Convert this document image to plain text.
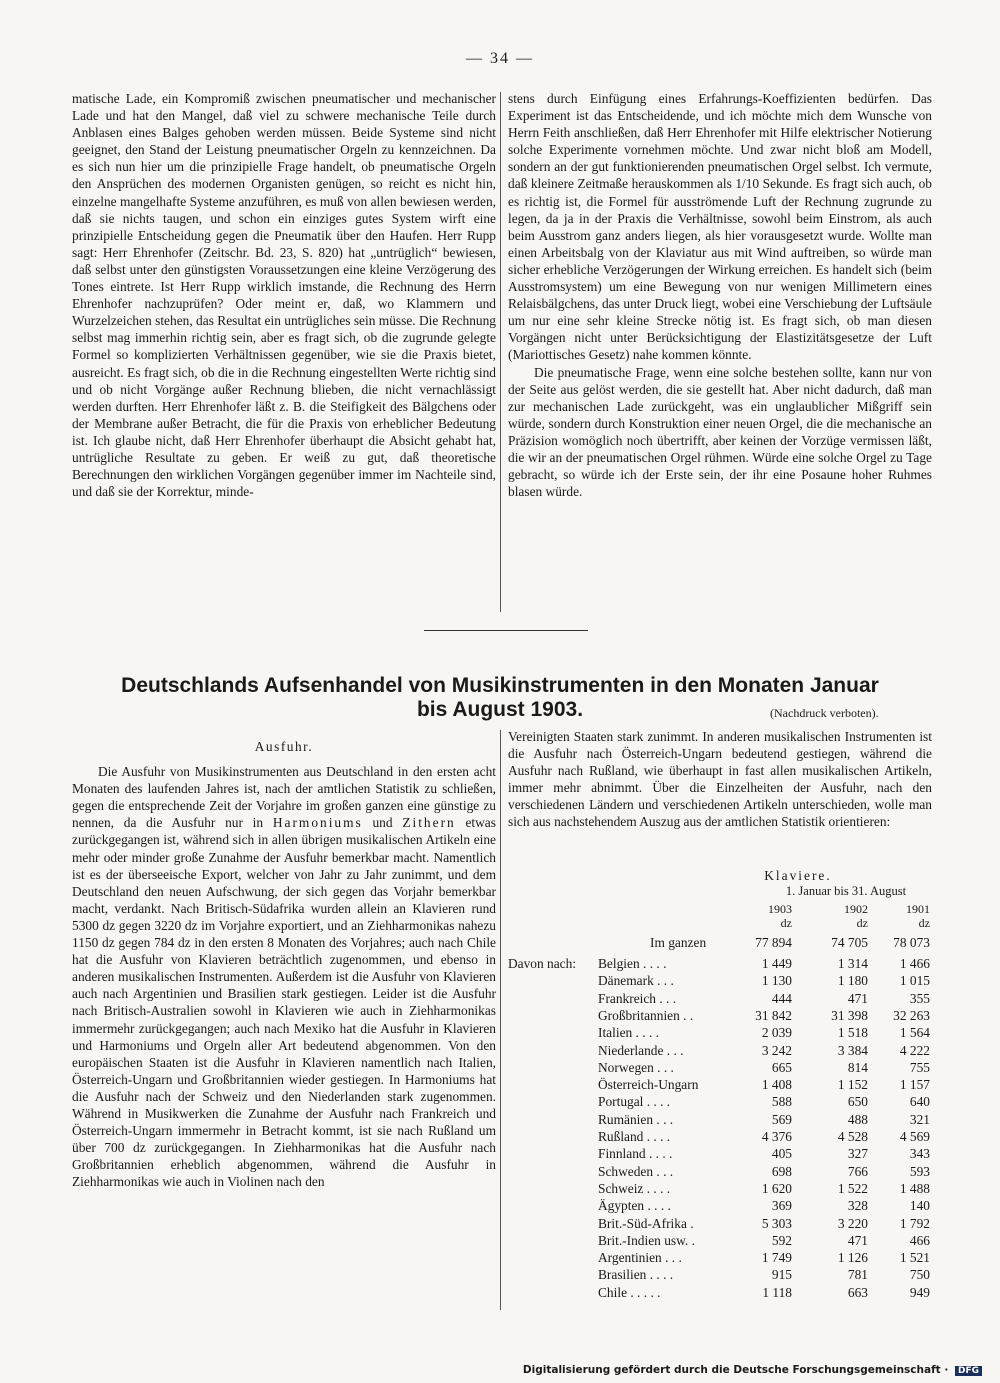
— 34 —

matische Lade, ein Kompromiß zwischen pneumatischer und mechanischer Lade und hat den Mangel, daß viel zu schwere mechanische Teile durch Anblasen eines Balges gehoben werden müssen. Beide Systeme sind nicht geeignet, den Stand der Leistung pneumatischer Orgeln zu kennzeichnen. Da es sich nun hier um die prinzipielle Frage handelt, ob pneumatische Orgeln den Ansprüchen des modernen Organisten genügen, so reicht es nicht hin, einzelne mangelhafte Systeme anzuführen, es muß von allen bewiesen werden, daß sie nichts taugen, und schon ein einziges gutes System wirft eine prinzipielle Entscheidung gegen die Pneumatik über den Haufen. Herr Rupp sagt: Herr Ehrenhofer (Zeitschr. Bd. 23, S. 820) hat „untrüglich“ bewiesen, daß selbst unter den günstigsten Voraussetzungen eine kleine Verzögerung des Tones eintrete. Ist Herr Rupp wirklich imstande, die Rechnung des Herrn Ehrenhofer nachzuprüfen? Oder meint er, daß, wo Klammern und Wurzelzeichen stehen, das Resultat ein untrügliches sein müsse. Die Rechnung selbst mag immerhin richtig sein, aber es fragt sich, ob die zugrunde gelegte Formel so komplizierten Verhältnissen gegenüber, wie sie die Praxis bietet, ausreicht. Es fragt sich, ob die in die Rechnung eingestellten Werte richtig sind und ob nicht Vorgänge außer Rechnung blieben, die nicht vernachlässigt werden durften. Herr Ehrenhofer läßt z. B. die Steifigkeit des Bälgchens oder der Membrane außer Betracht, die für die Praxis von erheblicher Bedeutung ist. Ich glaube nicht, daß Herr Ehrenhofer überhaupt die Absicht gehabt hat, untrügliche Resultate zu geben. Er weiß zu gut, daß theoretische Berechnungen den wirklichen Vorgängen gegenüber immer im Nachteile sind, und daß sie der Korrektur, minde-

stens durch Einfügung eines Erfahrungs-Koeffizienten bedürfen. Das Experiment ist das Entscheidende, und ich möchte mich dem Wunsche von Herrn Feith anschließen, daß Herr Ehrenhofer mit Hilfe elektrischer Notierung solche Experimente vornehmen möchte. Und zwar nicht bloß am Modell, sondern an der gut funktionierenden pneumatischen Orgel selbst. Ich vermute, daß kleinere Zeitmaße herauskommen als 1/10 Sekunde. Es fragt sich auch, ob es richtig ist, die Formel für ausströmende Luft der Rechnung zugrunde zu legen, da ja in der Praxis die Verhältnisse, sowohl beim Einstrom, als auch beim Ausstrom ganz anders liegen, als hier vorausgesetzt wurde. Wollte man einen Arbeitsbalg von der Klaviatur aus mit Wind auftreiben, so würde man sicher erhebliche Verzögerungen der Wirkung erreichen. Es handelt sich (beim Ausstromsystem) um eine Bewegung von nur wenigen Millimetern eines Relaisbälgchens, das unter Druck liegt, wobei eine Verschiebung der Luftsäule um nur eine sehr kleine Strecke nötig ist. Es fragt sich, ob man diesen Vorgängen nicht unter Berücksichtigung der Elastizitätsgesetze der Luft (Mariottisches Gesetz) nahe kommen könnte.

Die pneumatische Frage, wenn eine solche bestehen sollte, kann nur von der Seite aus gelöst werden, die sie gestellt hat. Aber nicht dadurch, daß man zur mechanischen Lade zurückgeht, was ein unglaublicher Mißgriff sein würde, sondern durch Konstruktion einer neuen Orgel, die die mechanische an Präzision womöglich noch übertrifft, aber keinen der Vorzüge vermissen läßt, die wir an der pneumatischen Orgel rühmen. Würde eine solche Orgel zu Tage gebracht, so würde ich der Erste sein, der ihr eine Posaune hoher Ruhmes blasen würde.

Deutschlands Aufsenhandel von Musikinstrumenten in den Monaten Januar
bis August 1903.	(Nachdruck verboten).

Ausfuhr.

Die Ausfuhr von Musikinstrumenten aus Deutschland in den ersten acht Monaten des laufenden Jahres ist, nach der amtlichen Statistik zu schließen, gegen die entsprechende Zeit der Vorjahre im großen ganzen eine günstige zu nennen, da die Ausfuhr nur in Harmoniums und Zithern etwas zurückgegangen ist, während sich in allen übrigen musikalischen Artikeln eine mehr oder minder große Zunahme der Ausfuhr bemerkbar macht. Namentlich ist es der überseeische Export, welcher von Jahr zu Jahr zunimmt, und dem Deutschland den neuen Aufschwung, der sich gegen das Vorjahr bemerkbar macht, verdankt. Nach Britisch-Südafrika wurden allein an Klavieren rund 5300 dz gegen 3220 dz im Vorjahre exportiert, und an Ziehharmonikas nahezu 1150 dz gegen 784 dz in den ersten 8 Monaten des Vorjahres; auch nach Chile hat die Ausfuhr von Klavieren beträchtlich zugenommen, und ebenso in anderen musikalischen Instrumenten. Außerdem ist die Ausfuhr von Klavieren auch nach Argentinien und Brasilien stark gestiegen. Leider ist die Ausfuhr nach Britisch-Australien sowohl in Klavieren wie auch in Ziehharmonikas immermehr zurückgegangen; auch nach Mexiko hat die Ausfuhr in Klavieren und Harmoniums und Orgeln aller Art bedeutend abgenommen. Von den europäischen Staaten ist die Ausfuhr in Klavieren namentlich nach Italien, Österreich-Ungarn und Großbritannien wieder gestiegen. In Harmoniums hat die Ausfuhr nach der Schweiz und den Niederlanden stark zugenommen. Während in Musikwerken die Zunahme der Ausfuhr nach Frankreich und Österreich-Ungarn immermehr in Betracht kommt, ist sie nach Rußland um über 700 dz zurückgegangen. In Ziehharmonikas hat die Ausfuhr nach Großbritannien erheblich abgenommen, während die Ausfuhr in Ziehharmonikas wie auch in Violinen nach den

Vereinigten Staaten stark zunimmt. In anderen musikalischen Instrumenten ist die Ausfuhr nach Österreich-Ungarn bedeutend gestiegen, während die Ausfuhr nach Rußland, wie überhaupt in fast allen musikalischen Artikeln, immer mehr abnimmt. Über die Einzelheiten der Ausfuhr, nach den verschiedenen Ländern und verschiedenen Artikeln unterschieden, wolle man sich aus nachstehendem Auszug aus der amtlichen Statistik orientieren:

Klaviere.
1. Januar bis 31. August
1903
dz
1902
dz
1901
dz
Im ganzen	77 894	74 705	78 073
Davon nach: Belgien . . . .	1 449	1 314	1 466
Dänemark . . .	1 130	1 180	1 015
Frankreich . . .	444	471	355
Großbritannien . .	31 842	31 398	32 263
Italien . . . .	2 039	1 518	1 564
Niederlande . . .	3 242	3 384	4 222
Norwegen . . .	665	814	755
Österreich-Ungarn	1 408	1 152	1 157
Portugal . . . .	588	650	640
Rumänien . . .	569	488	321
Rußland . . . .	4 376	4 528	4 569
Finnland . . . .	405	327	343
Schweden . . .	698	766	593
Schweiz . . . .	1 620	1 522	1 488
Ägypten . . . .	369	328	140
Brit.-Süd-Afrika .	5 303	3 220	1 792
Brit.-Indien usw. .	592	471	466
Argentinien . . .	1 749	1 126	1 521
Brasilien . . . .	915	781	750
Chile . . . . .	1 118	663	949
Digitalisierung gefördert durch die Deutsche Forschungsgemeinschaft · DFG
